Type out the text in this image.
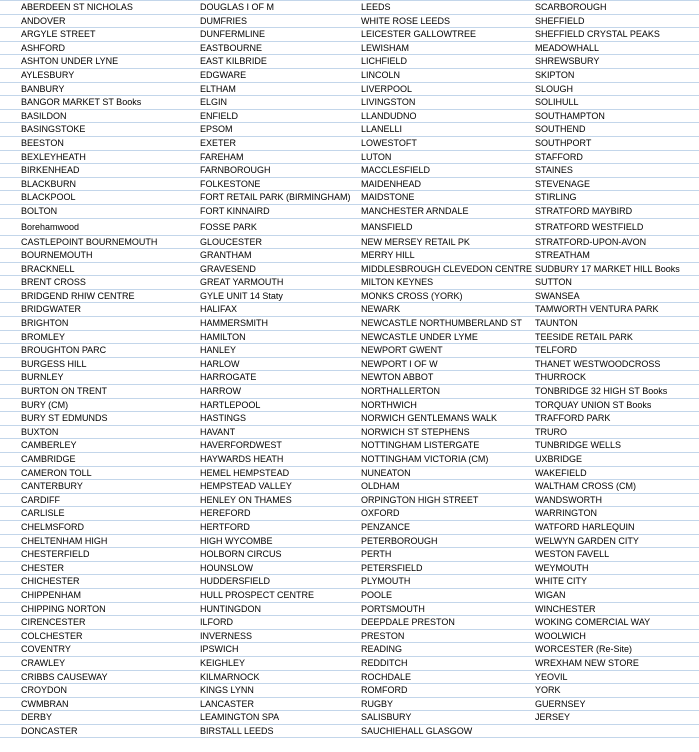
ABERDEEN ST NICHOLAS	DOUGLAS I OF M	LEEDS	SCARBOROUGH
ANDOVER	DUMFRIES	WHITE ROSE LEEDS	SHEFFIELD
ARGYLE STREET	DUNFERMLINE	LEICESTER GALLOWTREE	SHEFFIELD CRYSTAL PEAKS
ASHFORD	EASTBOURNE	LEWISHAM	MEADOWHALL
ASHTON UNDER LYNE	EAST KILBRIDE	LICHFIELD	SHREWSBURY
AYLESBURY	EDGWARE	LINCOLN	SKIPTON
BANBURY	ELTHAM	LIVERPOOL	SLOUGH
BANGOR MARKET ST Books	ELGIN	LIVINGSTON	SOLIHULL
BASILDON	ENFIELD	LLANDUDNO	SOUTHAMPTON
BASINGSTOKE	EPSOM	LLANELLI	SOUTHEND
BEESTON	EXETER	LOWESTOFT	SOUTHPORT
BEXLEYHEATH	FAREHAM	LUTON	STAFFORD
BIRKENHEAD	FARNBOROUGH	MACCLESFIELD	STAINES
BLACKBURN	FOLKESTONE	MAIDENHEAD	STEVENAGE
BLACKPOOL	FORT RETAIL PARK (BIRMINGHAM)	MAIDSTONE	STIRLING
BOLTON	FORT KINNAIRD	MANCHESTER ARNDALE	STRATFORD MAYBIRD
Borehamwood	FOSSE PARK	MANSFIELD	STRATFORD WESTFIELD
CASTLEPOINT BOURNEMOUTH	GLOUCESTER	NEW MERSEY RETAIL PK	STRATFORD-UPON-AVON
BOURNEMOUTH	GRANTHAM	MERRY HILL	STREATHAM
BRACKNELL	GRAVESEND	MIDDLESBROUGH CLEVEDON CENTRE	SUDBURY 17 MARKET HILL Books
BRENT CROSS	GREAT YARMOUTH	MILTON KEYNES	SUTTON
BRIDGEND RHIW CENTRE	GYLE UNIT 14 Staty	MONKS CROSS (YORK)	SWANSEA
BRIDGWATER	HALIFAX	NEWARK	TAMWORTH VENTURA PARK
BRIGHTON	HAMMERSMITH	NEWCASTLE NORTHUMBERLAND ST	TAUNTON
BROMLEY	HAMILTON	NEWCASTLE UNDER LYME	TEESIDE RETAIL PARK
BROUGHTON PARC	HANLEY	NEWPORT GWENT	TELFORD
BURGESS HILL	HARLOW	NEWPORT I OF W	THANET WESTWOODCROSS
BURNLEY	HARROGATE	NEWTON ABBOT	THURROCK
BURTON ON TRENT	HARROW	NORTHALLERTON	TONBRIDGE 32 HIGH ST Books
BURY (CM)	HARTLEPOOL	NORTHWICH	TORQUAY UNION ST Books
BURY ST EDMUNDS	HASTINGS	NORWICH GENTLEMANS WALK	TRAFFORD PARK
BUXTON	HAVANT	NORWICH ST STEPHENS	TRURO
CAMBERLEY	HAVERFORDWEST	NOTTINGHAM LISTERGATE	TUNBRIDGE WELLS
CAMBRIDGE	HAYWARDS HEATH	NOTTINGHAM VICTORIA (CM)	UXBRIDGE
CAMERON TOLL	HEMEL HEMPSTEAD	NUNEATON	WAKEFIELD
CANTERBURY	HEMPSTEAD VALLEY	OLDHAM	WALTHAM CROSS (CM)
CARDIFF	HENLEY ON THAMES	ORPINGTON HIGH STREET	WANDSWORTH
CARLISLE	HEREFORD	OXFORD	WARRINGTON
CHELMSFORD	HERTFORD	PENZANCE	WATFORD HARLEQUIN
CHELTENHAM HIGH	HIGH WYCOMBE	PETERBOROUGH	WELWYN GARDEN CITY
CHESTERFIELD	HOLBORN CIRCUS	PERTH	WESTON FAVELL
CHESTER	HOUNSLOW	PETERSFIELD	WEYMOUTH
CHICHESTER	HUDDERSFIELD	PLYMOUTH	WHITE CITY
CHIPPENHAM	HULL PROSPECT CENTRE	POOLE	WIGAN
CHIPPING NORTON	HUNTINGDON	PORTSMOUTH	WINCHESTER
CIRENCESTER	ILFORD	DEEPDALE PRESTON	WOKING COMERCIAL WAY
COLCHESTER	INVERNESS	PRESTON	WOOLWICH
COVENTRY	IPSWICH	READING	WORCESTER (Re-Site)
CRAWLEY	KEIGHLEY	REDDITCH	WREXHAM NEW STORE
CRIBBS CAUSEWAY	KILMARNOCK	ROCHDALE	YEOVIL
CROYDON	KINGS LYNN	ROMFORD	YORK
CWMBRAN	LANCASTER	RUGBY	GUERNSEY
DERBY	LEAMINGTON SPA	SALISBURY	JERSEY
DONCASTER	BIRSTALL LEEDS	SAUCHIEHALL GLASGOW	
